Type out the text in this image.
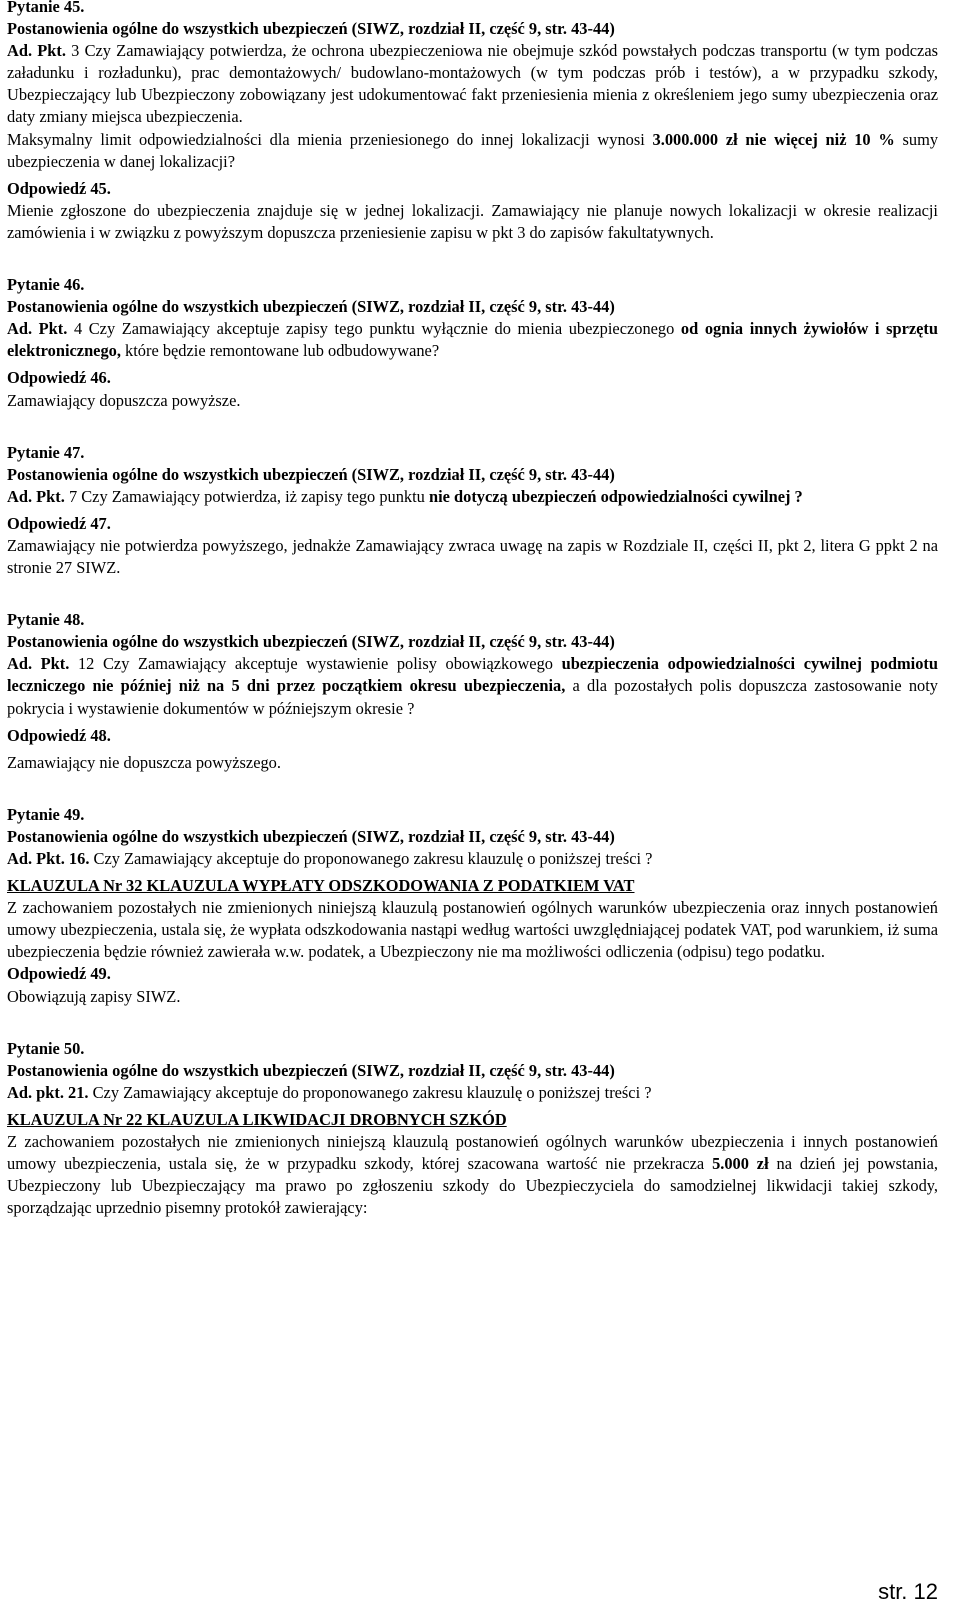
Pytanie 45.

Postanowienia ogólne do wszystkich ubezpieczeń (SIWZ, rozdział II, część 9, str. 43-44)

Ad. Pkt. 3 Czy Zamawiający potwierdza, że ochrona ubezpieczeniowa nie obejmuje szkód powstałych podczas transportu (w tym podczas załadunku i rozładunku), prac demontażowych/ budowlano-montażowych (w tym podczas prób i testów), a w przypadku szkody, Ubezpieczający lub Ubezpieczony zobowiązany jest udokumentować fakt przeniesienia mienia z określeniem jego sumy ubezpieczenia oraz daty zmiany miejsca ubezpieczenia.

Maksymalny limit odpowiedzialności dla mienia przeniesionego do innej lokalizacji wynosi 3.000.000 zł nie więcej niż 10 % sumy ubezpieczenia w danej lokalizacji?

Odpowiedź 45.

Mienie zgłoszone do ubezpieczenia znajduje się w jednej lokalizacji. Zamawiający nie planuje nowych lokalizacji w okresie realizacji zamówienia i w związku z powyższym dopuszcza przeniesienie zapisu w pkt 3 do zapisów fakultatywnych.

Pytanie 46.

Postanowienia ogólne do wszystkich ubezpieczeń (SIWZ, rozdział II, część 9, str. 43-44)

Ad. Pkt. 4 Czy Zamawiający akceptuje zapisy tego punktu wyłącznie do mienia ubezpieczonego od ognia innych żywiołów i sprzętu elektronicznego, które będzie remontowane lub odbudowywane?

Odpowiedź 46.

Zamawiający dopuszcza powyższe.

Pytanie 47.

Postanowienia ogólne do wszystkich ubezpieczeń (SIWZ, rozdział II, część 9, str. 43-44)

Ad. Pkt. 7 Czy Zamawiający potwierdza, iż zapisy tego punktu nie dotyczą ubezpieczeń odpowiedzialności cywilnej ?

Odpowiedź 47.

Zamawiający nie potwierdza powyższego, jednakże Zamawiający zwraca uwagę na zapis w Rozdziale II, części II, pkt 2, litera G ppkt 2 na stronie 27 SIWZ.

Pytanie 48.

Postanowienia ogólne do wszystkich ubezpieczeń (SIWZ, rozdział II, część 9, str. 43-44)

Ad. Pkt. 12 Czy Zamawiający akceptuje wystawienie polisy obowiązkowego ubezpieczenia odpowiedzialności cywilnej podmiotu leczniczego nie później niż na 5 dni przez początkiem okresu ubezpieczenia, a dla pozostałych polis dopuszcza zastosowanie noty pokrycia i wystawienie dokumentów w późniejszym okresie ?

Odpowiedź 48.

Zamawiający nie dopuszcza powyższego.

Pytanie 49.

Postanowienia ogólne do wszystkich ubezpieczeń (SIWZ, rozdział II, część 9, str. 43-44)

Ad. Pkt. 16. Czy Zamawiający akceptuje do proponowanego zakresu klauzulę o poniższej treści ?

KLAUZULA Nr 32 KLAUZULA WYPŁATY ODSZKODOWANIA Z PODATKIEM VAT

Z zachowaniem pozostałych nie zmienionych niniejszą klauzulą postanowień ogólnych warunków ubezpieczenia oraz innych postanowień umowy ubezpieczenia, ustala się, że wypłata odszkodowania nastąpi według wartości uwzględniającej podatek VAT, pod warunkiem, iż suma ubezpieczenia będzie również zawierała w.w. podatek, a Ubezpieczony nie ma możliwości odliczenia (odpisu) tego podatku.

Odpowiedź 49.

Obowiązują zapisy SIWZ.

Pytanie 50.

Postanowienia ogólne do wszystkich ubezpieczeń (SIWZ, rozdział II, część 9, str. 43-44)

Ad. pkt. 21. Czy Zamawiający akceptuje do proponowanego zakresu klauzulę o poniższej treści ?

KLAUZULA Nr 22 KLAUZULA LIKWIDACJI DROBNYCH SZKÓD

Z zachowaniem pozostałych nie zmienionych niniejszą klauzulą postanowień ogólnych warunków ubezpieczenia i innych postanowień umowy ubezpieczenia, ustala się, że w przypadku szkody, której szacowana wartość nie przekracza 5.000 zł na dzień jej powstania, Ubezpieczony lub Ubezpieczający ma prawo po zgłoszeniu szkody do Ubezpieczyciela do samodzielnej likwidacji takiej szkody, sporządzając uprzednio pisemny protokół zawierający:

str. 12
